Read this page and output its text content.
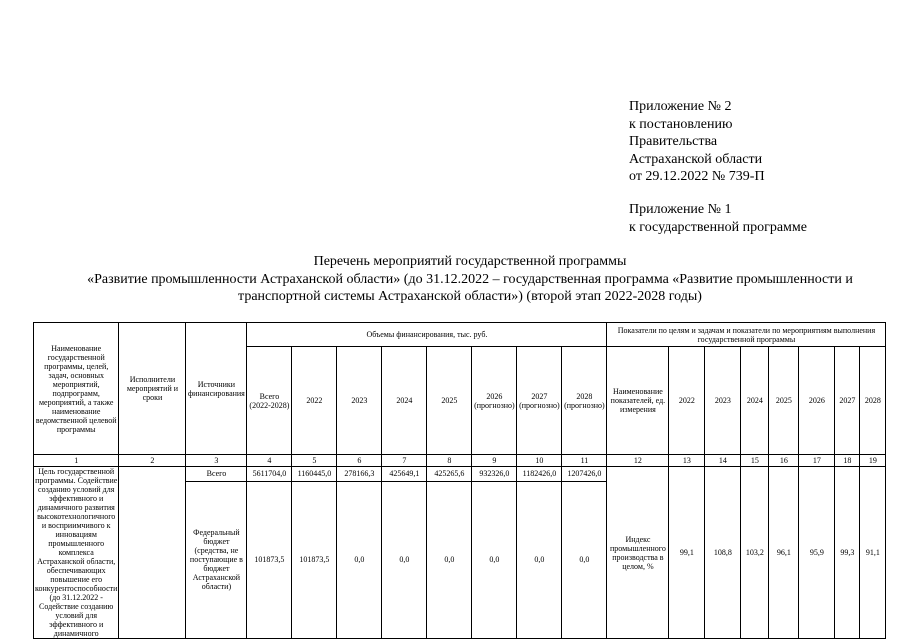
Приложение № 2
к постановлению
Правительства
Астраханской области
от 29.12.2022 № 739-П
Приложение № 1
к государственной программе
Перечень мероприятий государственной программы
«Развитие промышленности Астраханской области» (до 31.12.2022 – государственная программа «Развитие промышленности и
транспортной системы Астраханской области») (второй этап 2022-2028 годы)
Наименование государственной программы, целей, задач, основных мероприятий, подпрограмм, мероприятий, а также наименование ведомственной целевой программы	Исполнители мероприятий и сроки	Источники финансирования	Объемы финансирования, тыс. руб.								Показатели по целям и задачам и показатели по мероприятиям выполнения государственной программы							
			Всего (2022-2028)	2022	2023	2024	2025	2026 (прогнозно)	2027 (прогнозно)	2028 (прогнозно)	Наименование показателей, ед. измерения	2022	2023	2024	2025	2026	2027	2028
1	2	3	4	5	6	7	8	9	10	11	12	13	14	15	16	17	18	19
Цель государственной программы. Содействие созданию условий для эффективного и динамичного развития высокотехнологичного и восприимчивого к инновациям промышленного комплекса Астраханской области, обеспечивающих повышение его конкурентоспособности (до 31.12.2022 - Содействие созданию условий для эффективного и динамичного		Всего	5611704,0	1160445,0	278166,3	425649,1	425265,6	932326,0	1182426,0	1207426,0	Индекс промышленного производства в целом, %	99,1	108,8	103,2	96,1	95,9	99,3	91,1
		Федеральный бюджет (средства, не поступающие в бюджет Астраханской области)	101873,5	101873,5	0,0	0,0	0,0	0,0	0,0	0,0								
